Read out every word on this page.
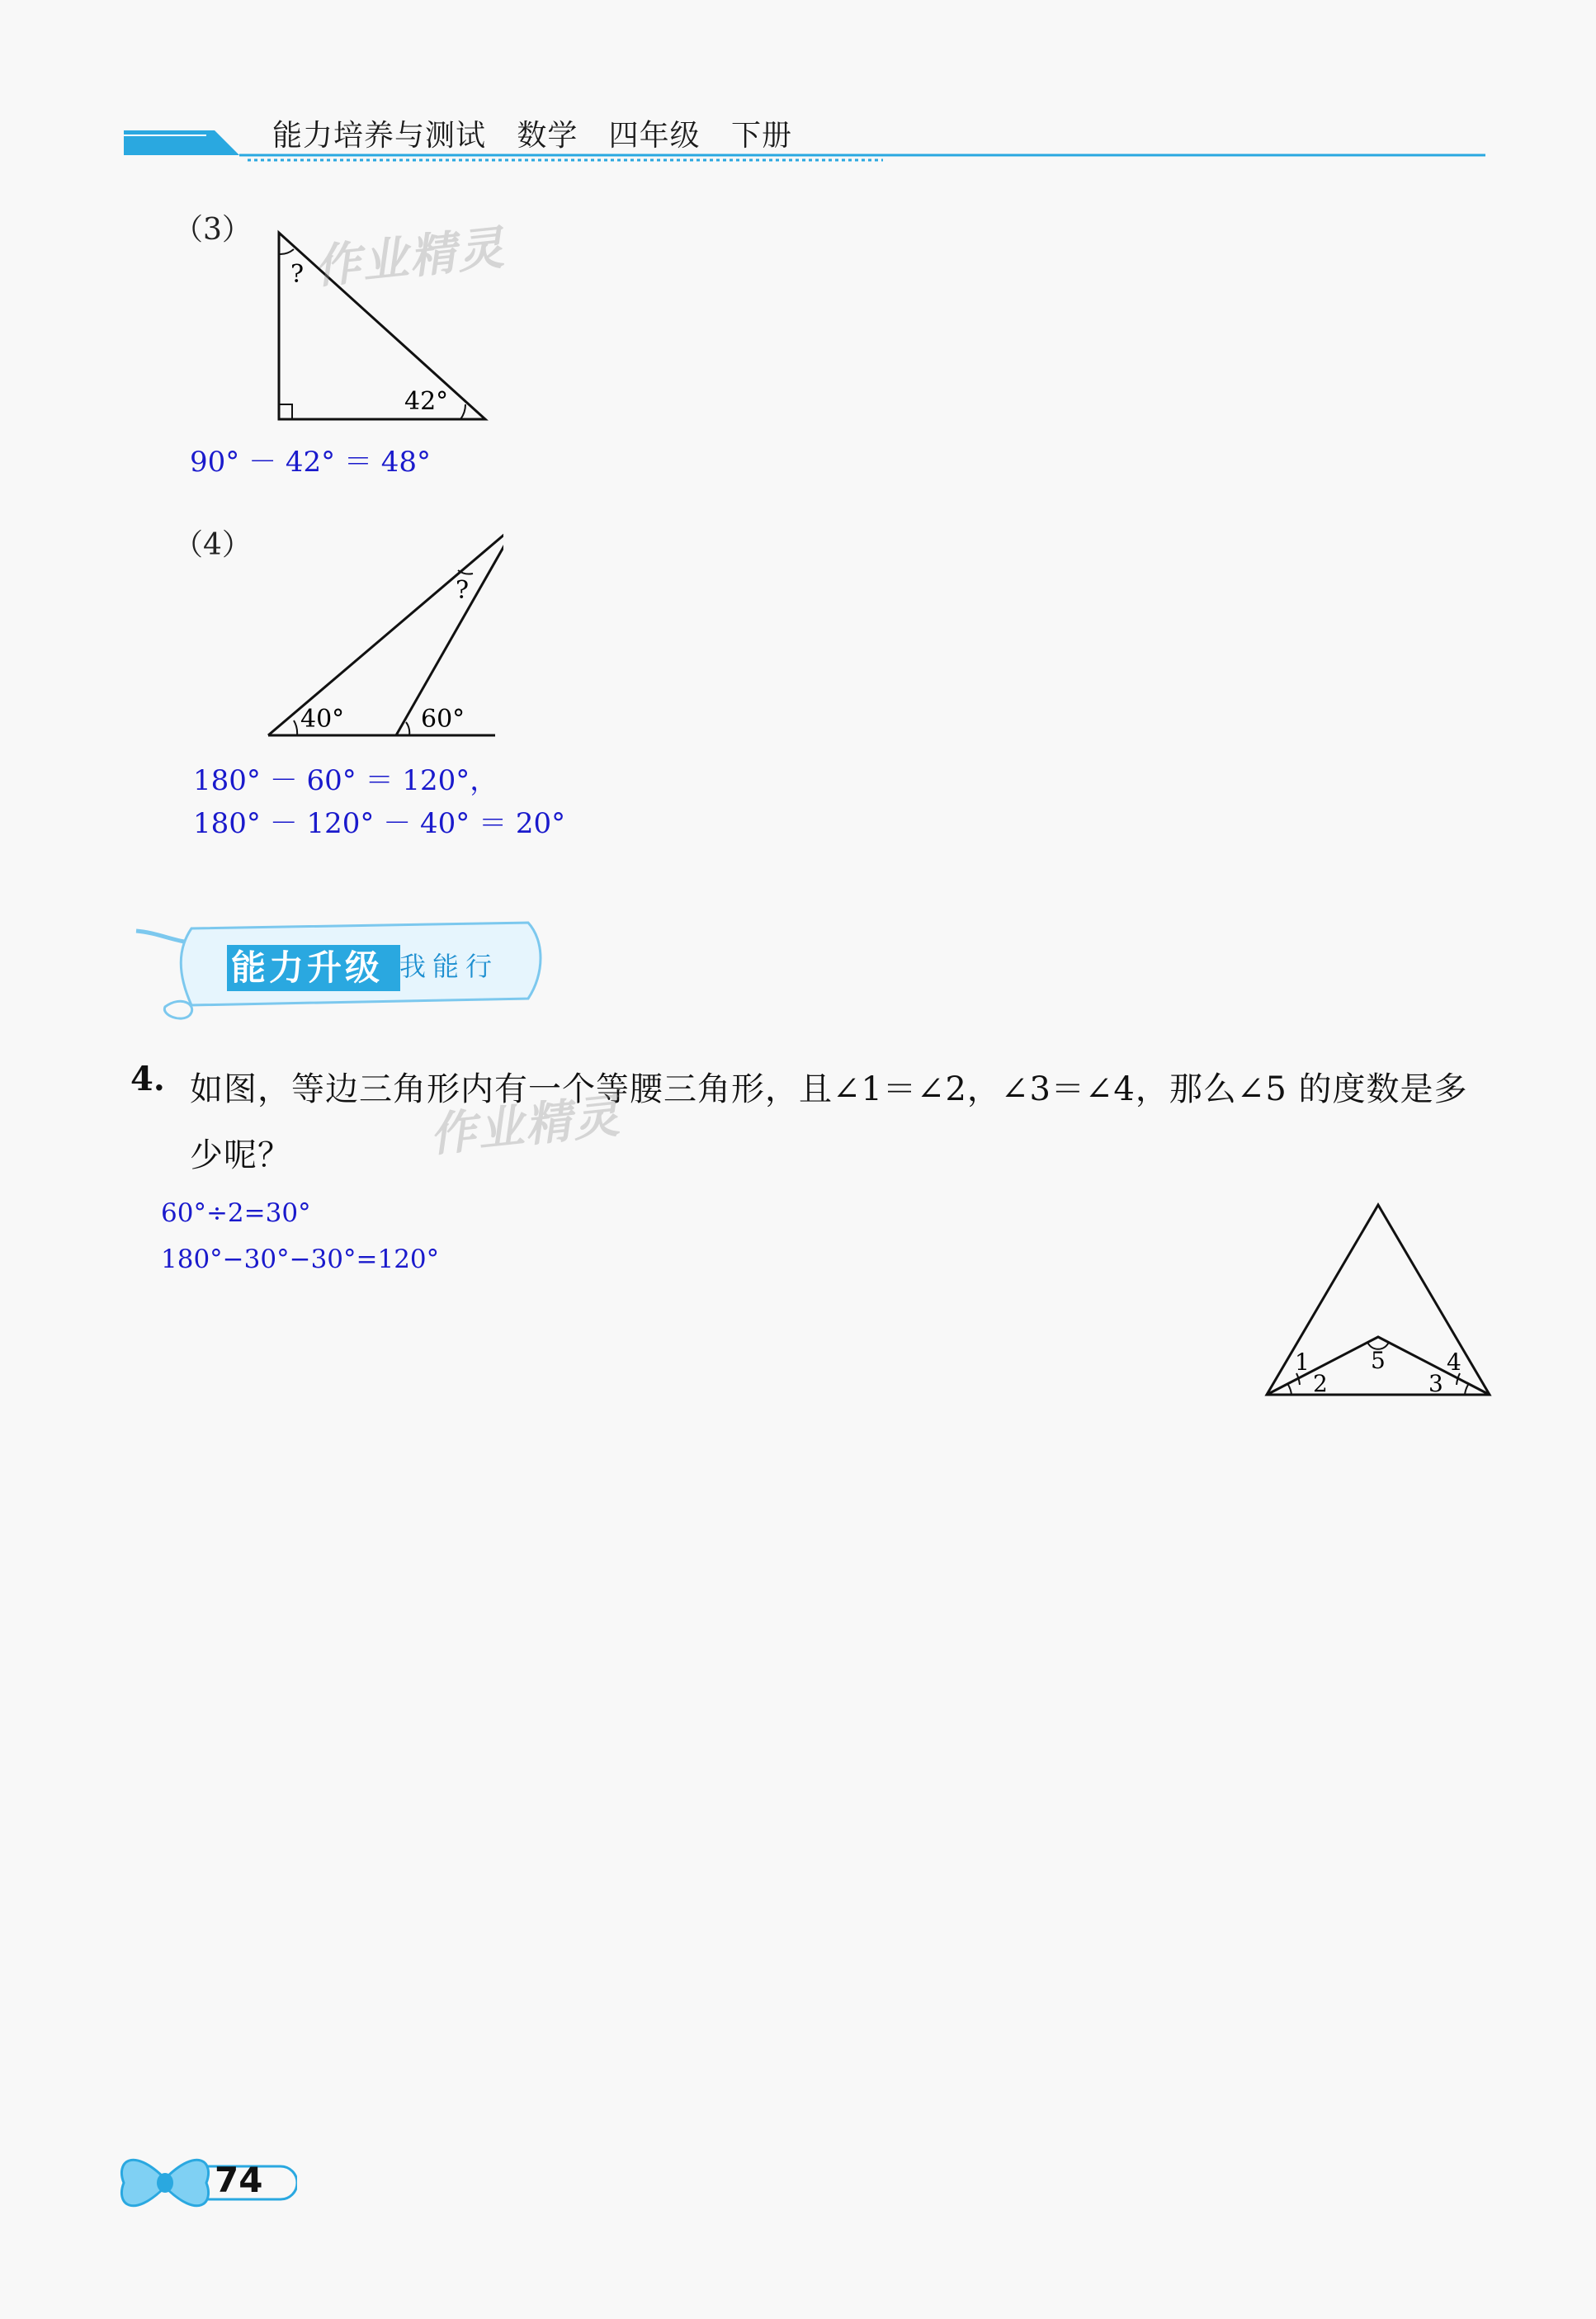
能力培养与测试   数学   四年级   下册
（3）
?
42°
90° － 42° ＝ 48°
（4）
?
40°	60°
180° － 60° ＝ 120°，
180° － 120° － 40° ＝ 20°
能力升级 我能行
4. 如图，等边三角形内有一个等腰三角形，且∠1＝∠2，∠3＝∠4，那么∠5 的度数是多少呢？
60°÷2=30°
180°−30°−30°=120°
1
2	3
4
5
作业精灵
作业精灵
74
